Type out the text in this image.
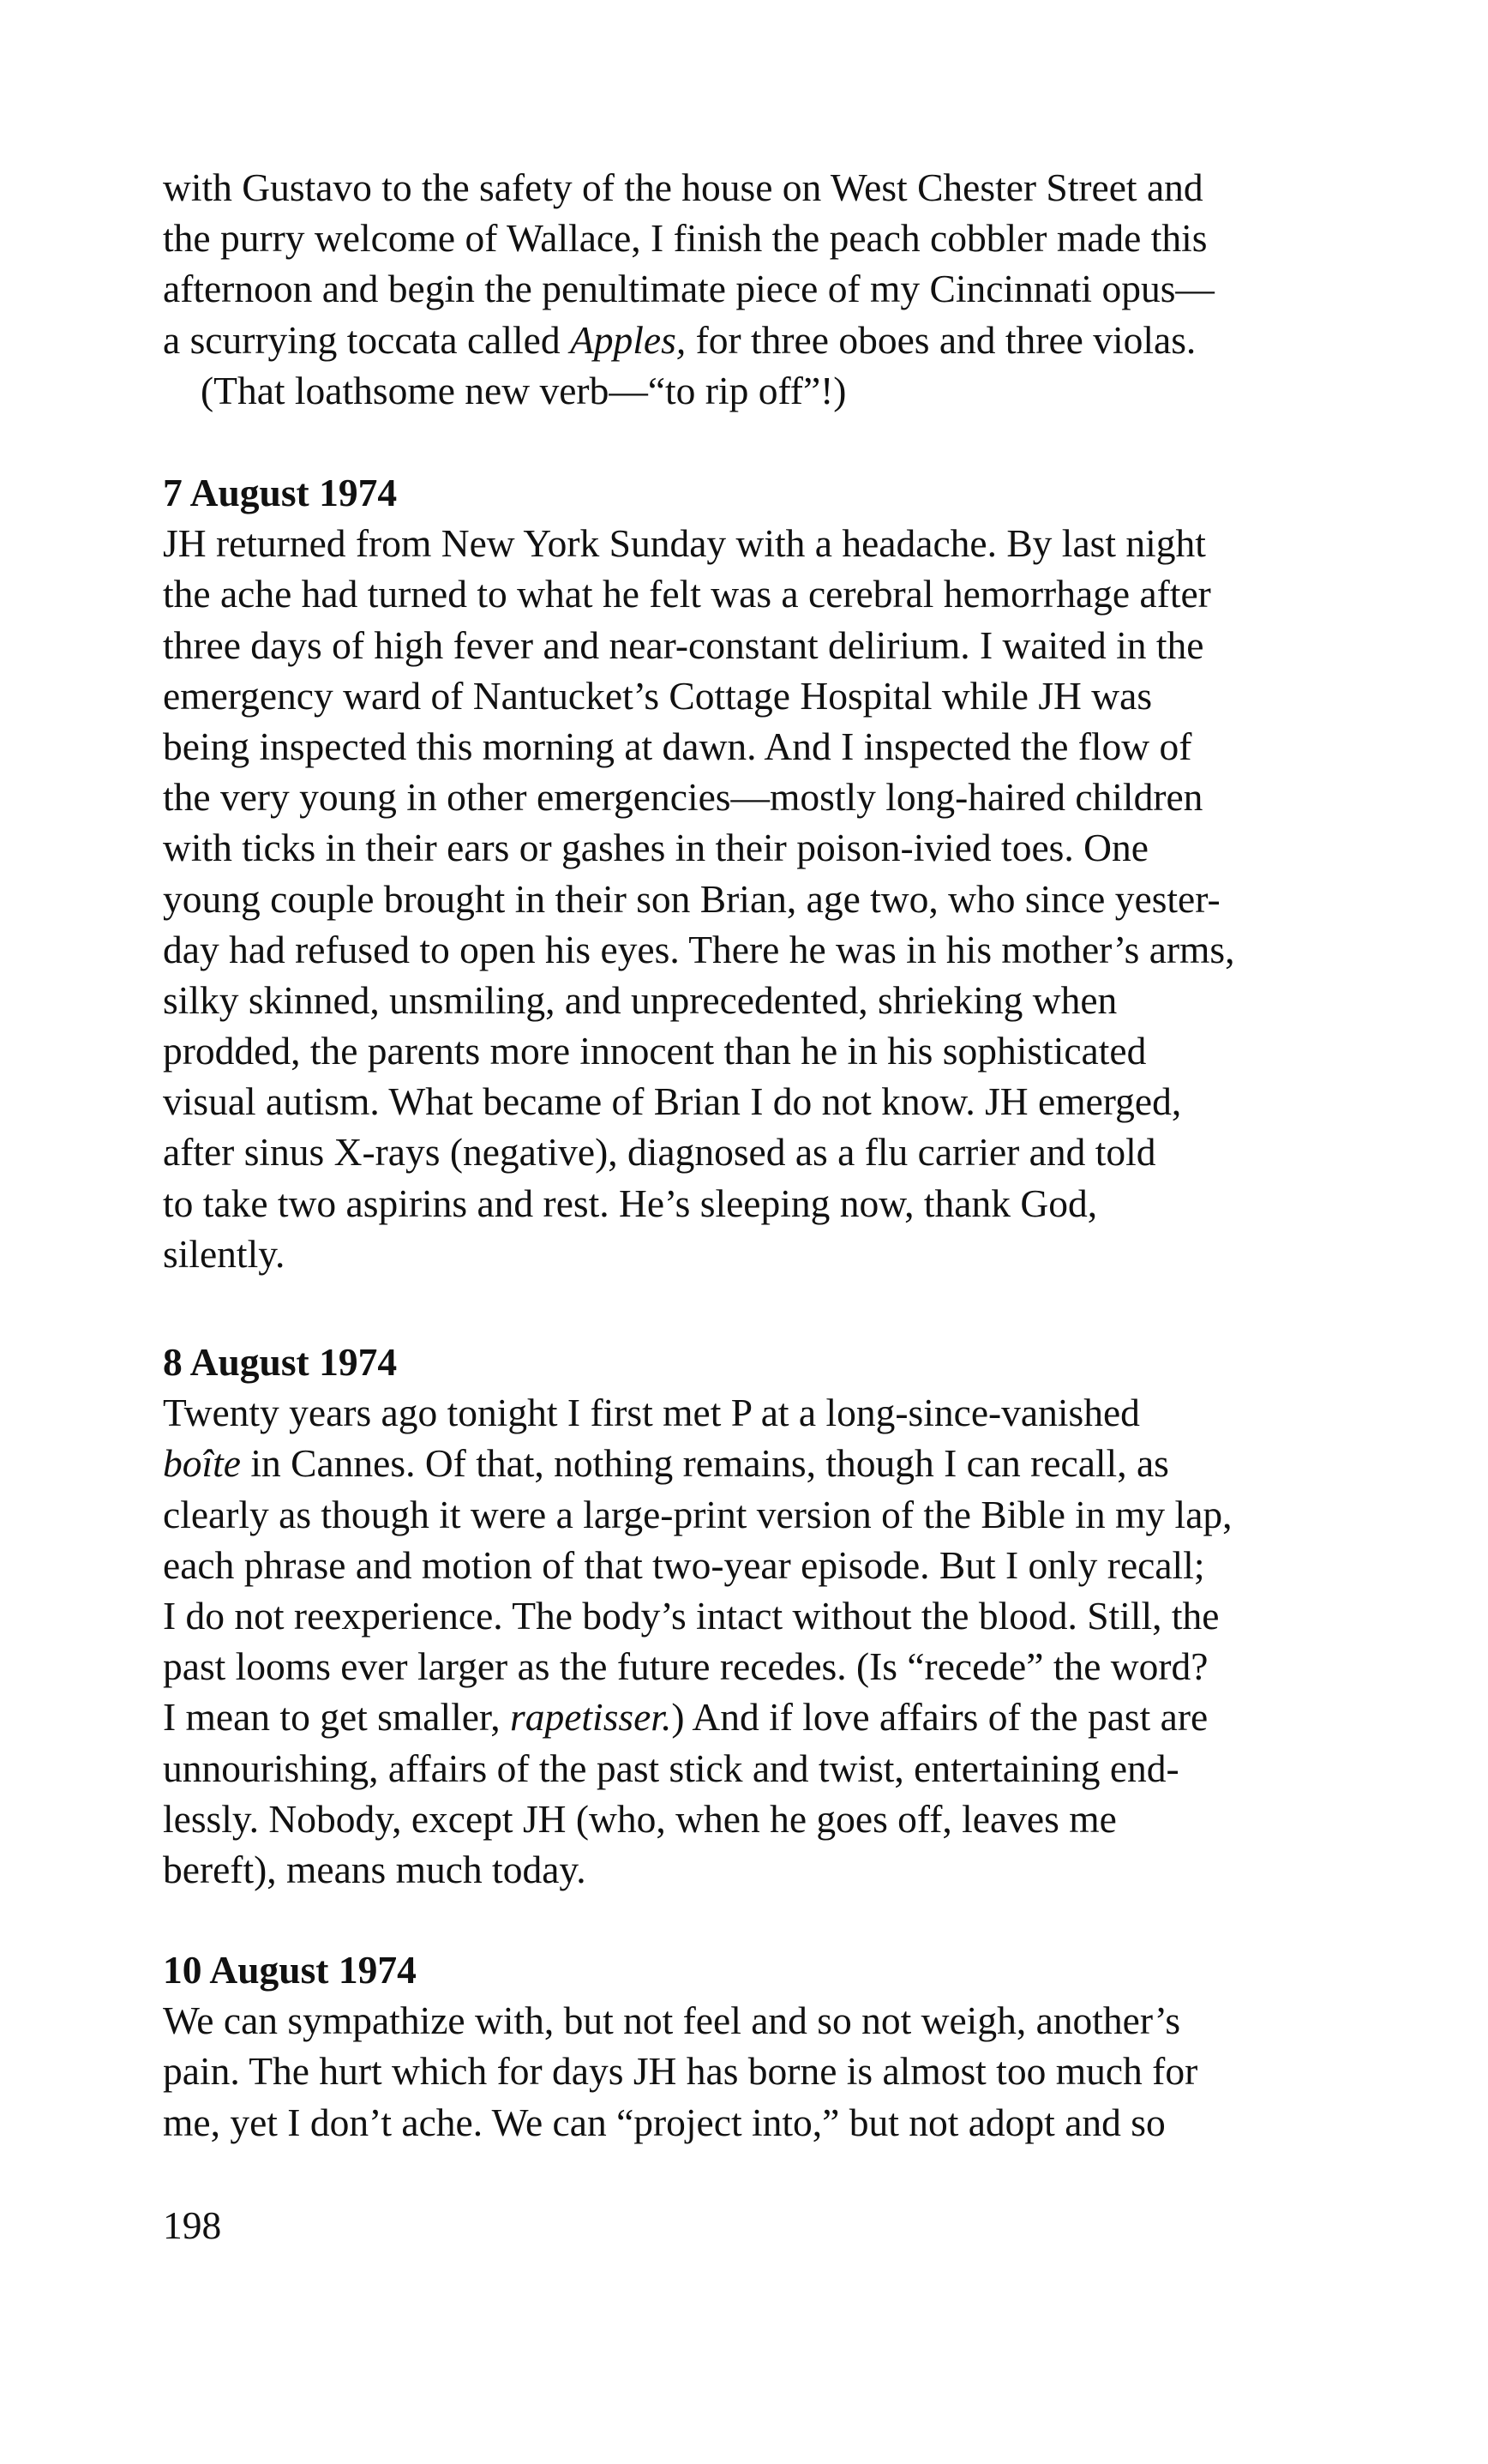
with Gustavo to the safety of the house on West Chester Street and
the purry welcome of Wallace, I finish the peach cobbler made this
afternoon and begin the penultimate piece of my Cincinnati opus—
a scurrying toccata called Apples, for three oboes and three violas.
(That loathsome new verb—“to rip off”!)
7 August 1974
JH returned from New York Sunday with a headache. By last night
the ache had turned to what he felt was a cerebral hemorrhage after
three days of high fever and near-constant delirium. I waited in the
emergency ward of Nantucket’s Cottage Hospital while JH was
being inspected this morning at dawn. And I inspected the flow of
the very young in other emergencies—mostly long-haired children
with ticks in their ears or gashes in their poison-ivied toes. One
young couple brought in their son Brian, age two, who since yester-
day had refused to open his eyes. There he was in his mother’s arms,
silky skinned, unsmiling, and unprecedented, shrieking when
prodded, the parents more innocent than he in his sophisticated
visual autism. What became of Brian I do not know. JH emerged,
after sinus X-rays (negative), diagnosed as a flu carrier and told
to take two aspirins and rest. He’s sleeping now, thank God,
silently.
8 August 1974
Twenty years ago tonight I first met P at a long-since-vanished
boîte in Cannes. Of that, nothing remains, though I can recall, as
clearly as though it were a large-print version of the Bible in my lap,
each phrase and motion of that two-year episode. But I only recall;
I do not reexperience. The body’s intact without the blood. Still, the
past looms ever larger as the future recedes. (Is “recede” the word?
I mean to get smaller, rapetisser.) And if love affairs of the past are
unnourishing, affairs of the past stick and twist, entertaining end-
lessly. Nobody, except JH (who, when he goes off, leaves me
bereft), means much today.
10 August 1974
We can sympathize with, but not feel and so not weigh, another’s
pain. The hurt which for days JH has borne is almost too much for
me, yet I don’t ache. We can “project into,” but not adopt and so
198
